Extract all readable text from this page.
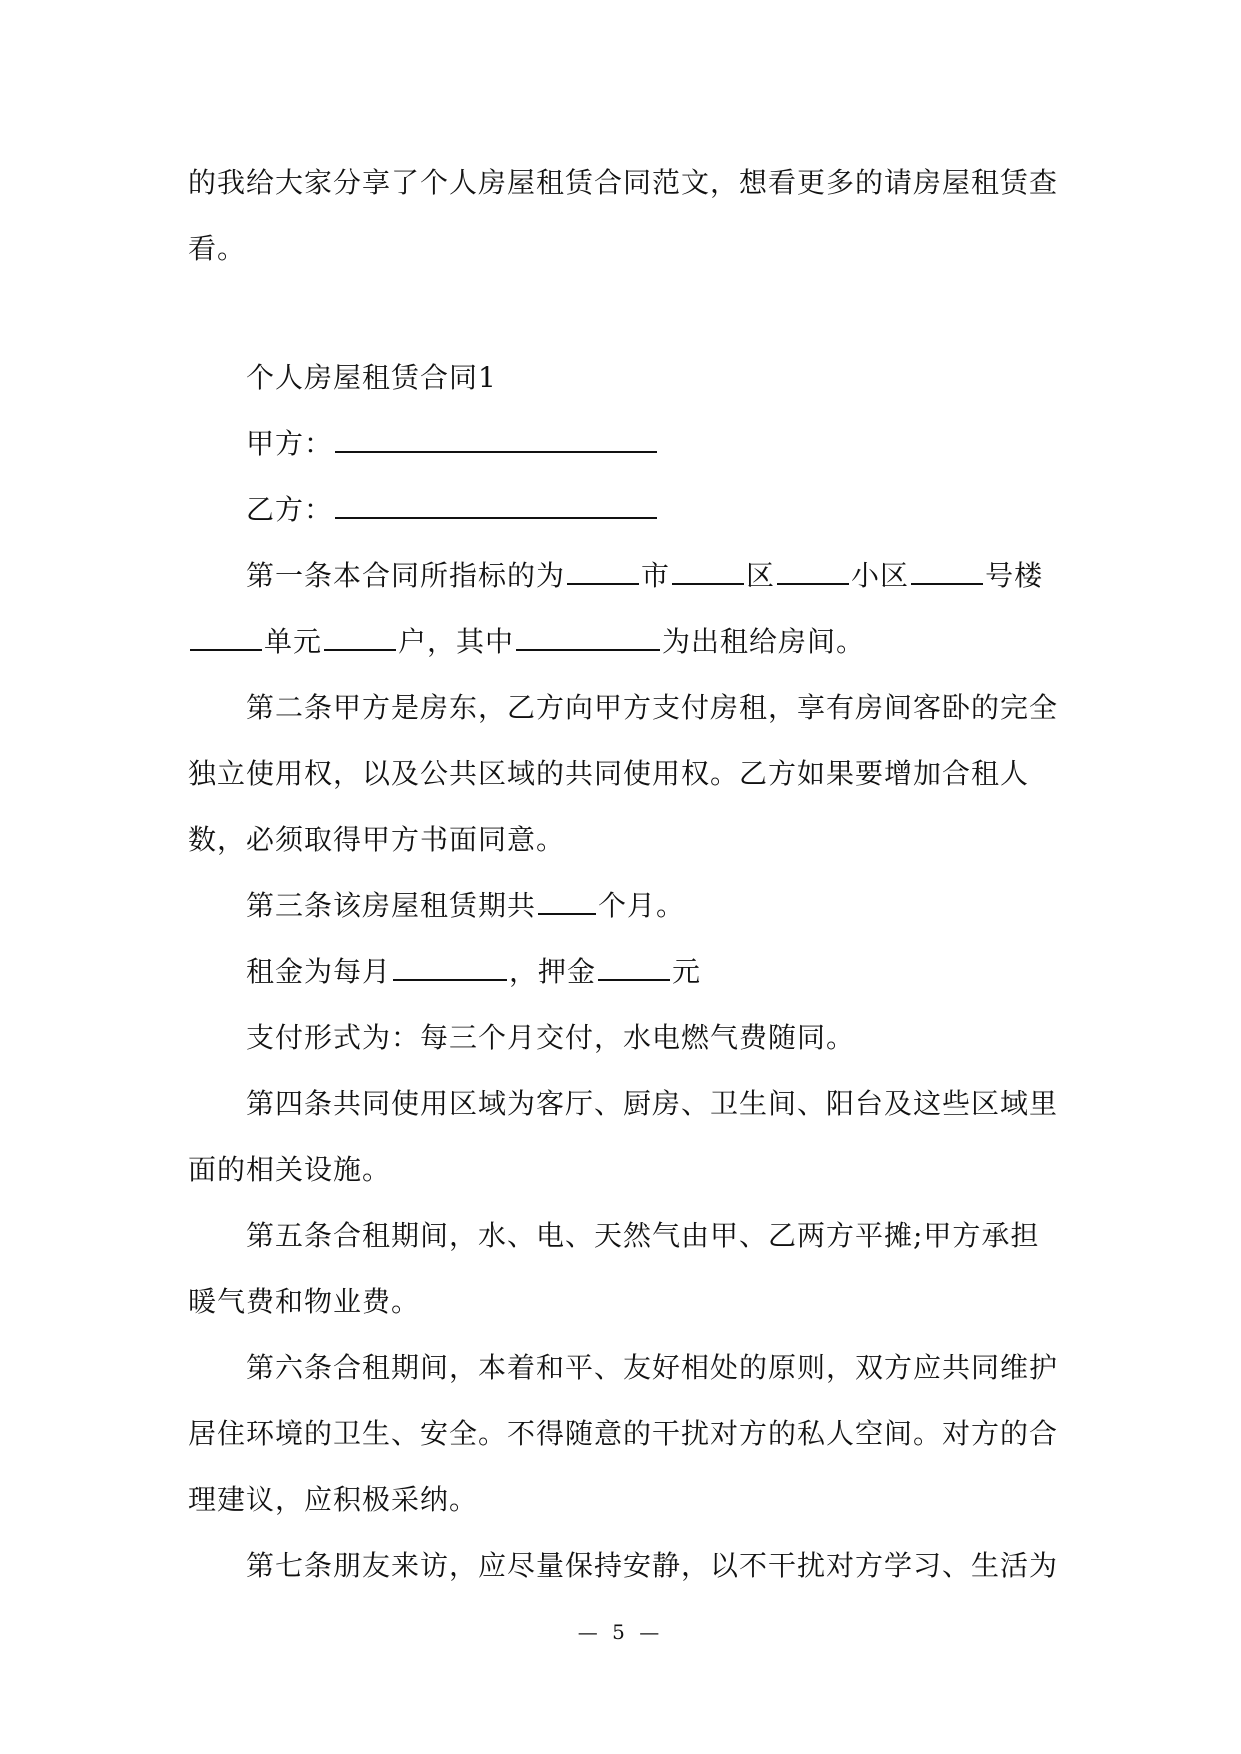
的我给大家分享了个人房屋租赁合同范文，想看更多的请房屋租赁查看。

个人房屋租赁合同1

甲方：

乙方：

第一条本合同所指标的为	市	区	小区	号楼单元	户，其中	为出租给房间。

第二条甲方是房东，乙方向甲方支付房租，享有房间客卧的完全独立使用权，以及公共区域的共同使用权。乙方如果要增加合租人数，必须取得甲方书面同意。

第三条该房屋租赁期共 个月。

租金为每月	，押金	元

支付形式为：每三个月交付，水电燃气费随同。

第四条共同使用区域为客厅、厨房、卫生间、阳台及这些区域里面的相关设施。

第五条合租期间，水、电、天然气由甲、乙两方平摊;甲方承担暖气费和物业费。

第六条合租期间，本着和平、友好相处的原则，双方应共同维护居住环境的卫生、安全。不得随意的干扰对方的私人空间。对方的合理建议，应积极采纳。

第七条朋友来访，应尽量保持安静，以不干扰对方学习、生活为

— 5 —
